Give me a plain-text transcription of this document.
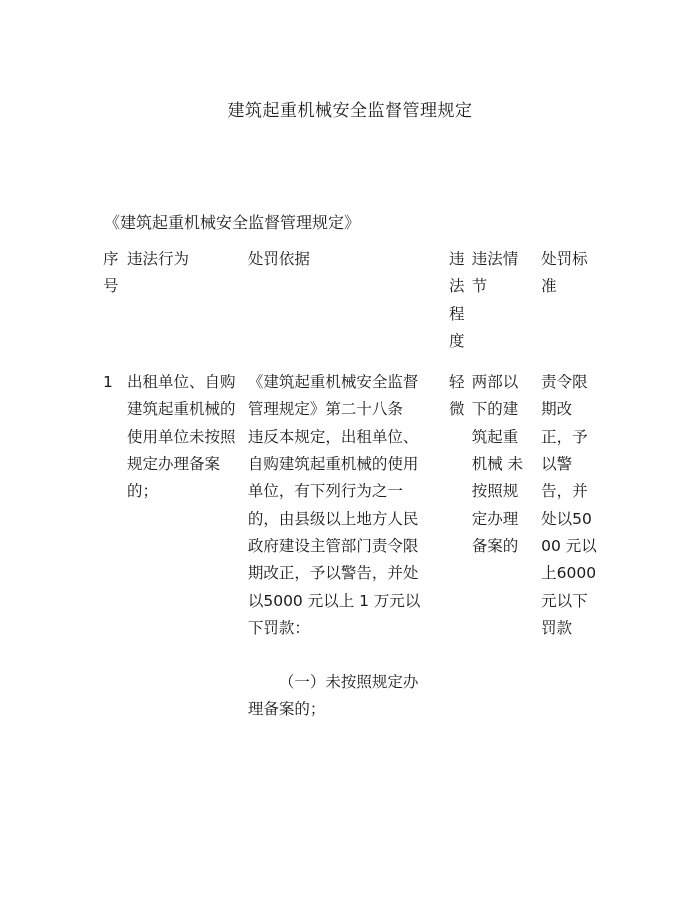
建筑起重机械安全监督管理规定
《建筑起重机械安全监督管理规定》
序号	违法行为	处罚依据	违法程度	违法情节	处罚标准
1	出租单位、自购建筑起重机械的使用单位未按照规定办理备案的；	《建筑起重机械安全监督管理规定》第二十八条　违反本规定，出租单位、自购建筑起重机械的使用单位，有下列行为之一的，由县级以上地方人民政府建设主管部门责令限期改正，予以警告，并处以5000 元以上 1 万元以下罚款：
（一）未按照规定办理备案的；	轻微	两部以下的建筑起重机械 未按照规定办理备案的	责令限期改正，予以警告，并处以5000 元以上6000 元以下罚款
